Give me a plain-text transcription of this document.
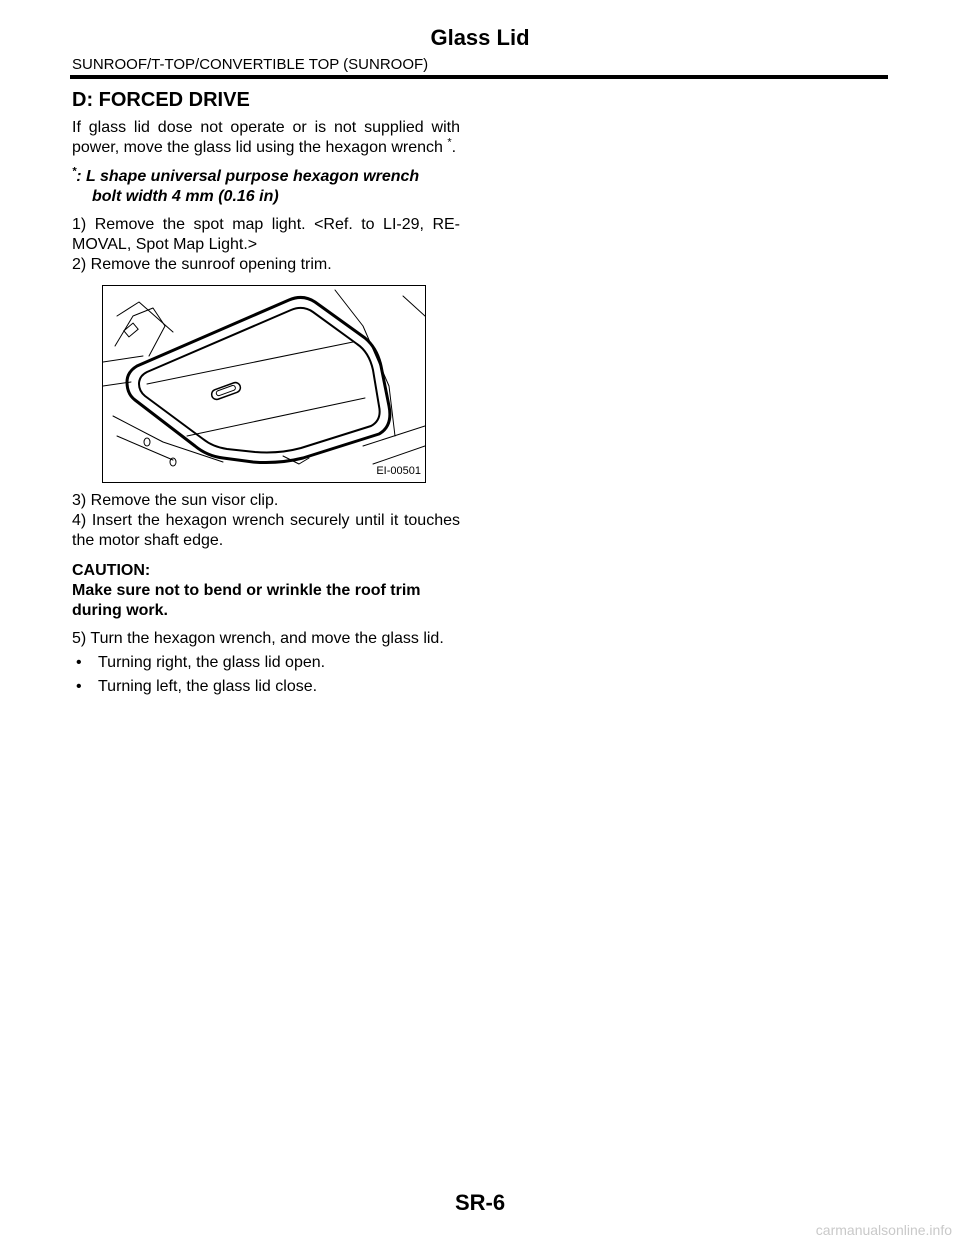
Glass Lid
SUNROOF/T-TOP/CONVERTIBLE TOP (SUNROOF)
D: FORCED DRIVE

If glass lid dose not operate or is not supplied with power, move the glass lid using the hexagon wrench *.

*: L shape universal purpose hexagon wrench
bolt width 4 mm (0.16 in)

1) Remove the spot map light. <Ref. to LI-29, RE-MOVAL, Spot Map Light.>

2) Remove the sunroof opening trim.

EI-00501

3) Remove the sun visor clip.

4) Insert the hexagon wrench securely until it touches the motor shaft edge.

CAUTION:

Make sure not to bend or wrinkle the roof trim during work.

5) Turn the hexagon wrench, and move the glass lid.

•	Turning right, the glass lid open.
•	Turning left, the glass lid close.
SR-6
carmanualsonline.info
